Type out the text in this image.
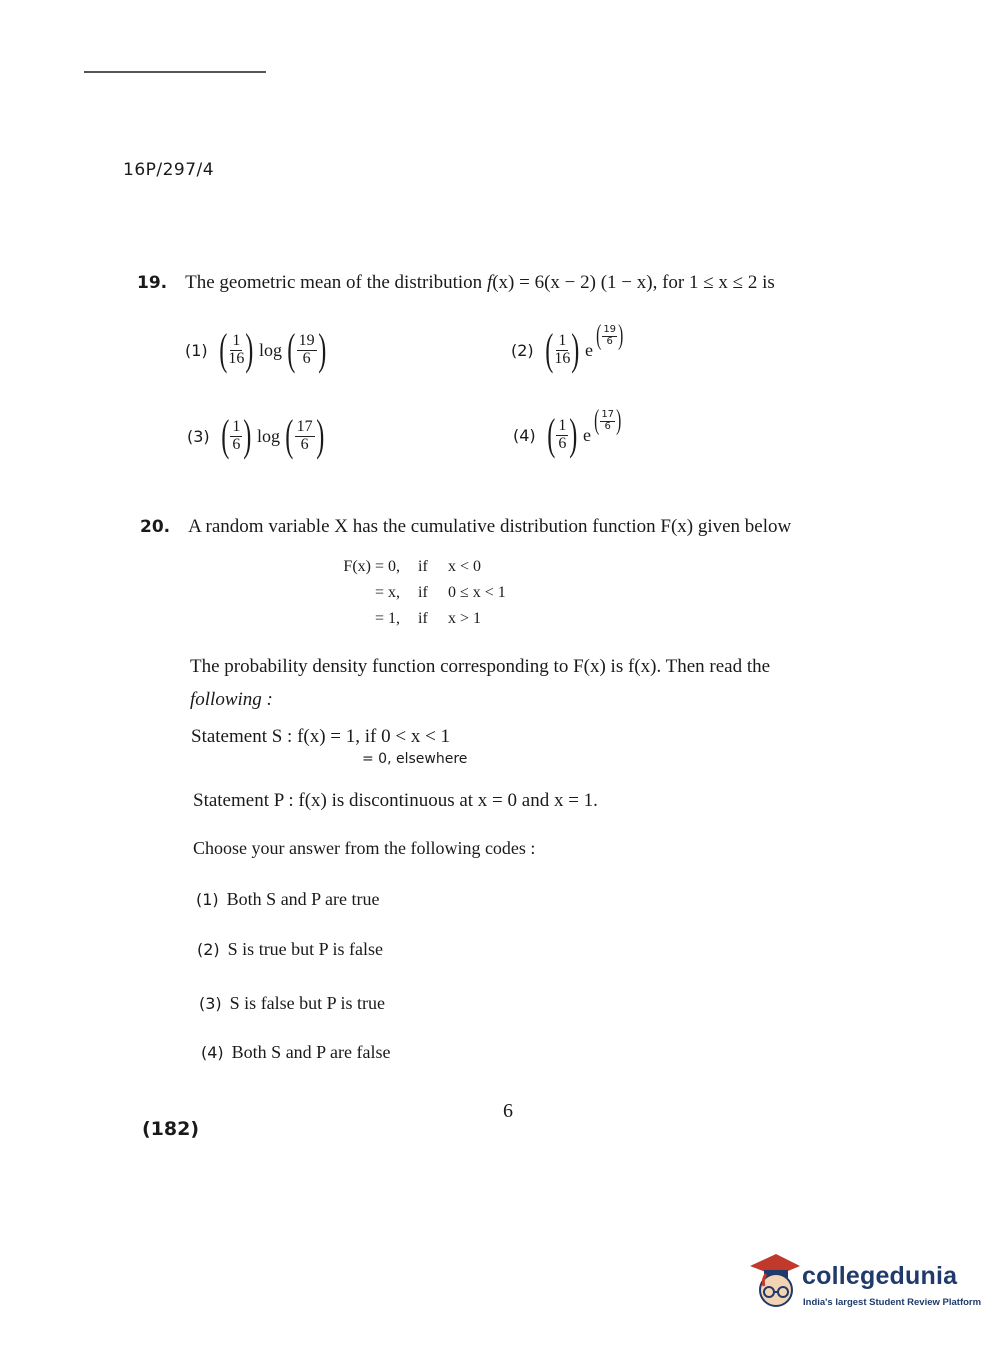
16P/297/4
19. The geometric mean of the distribution f(x) = 6(x − 2) (1 − x), for 1 ≤ x ≤ 2 is
(1) ( $\frac{1}{16}$ ) log ( $\frac{19}{6}$ )	(2) ( $\frac{1}{16}$ ) e ( 19
6 )
(3) ( $\frac{1}{6}$ ) log ( $\frac{17}{6}$ )	(4) ( $\frac{1}{6}$ ) e ( 17
6 )
20. A random variable X has the cumulative distribution function F(x) given below
F(x) = 0,	if	x < 0
= x,	if	0 ≤ x < 1
= 1,	if	x > 1
The probability density function corresponding to F(x) is f(x). Then read the
following :
Statement S : f(x) = 1, if 0 < x < 1
= 0, elsewhere
Statement P : f(x) is discontinuous at x = 0 and x = 1.
Choose your answer from the following codes :
(1) Both S and P are true
(2) S is true but P is false
(3) S is false but P is true
(4) Both S and P are false
6
(182)
collegedunia
India's largest Student Review Platform
